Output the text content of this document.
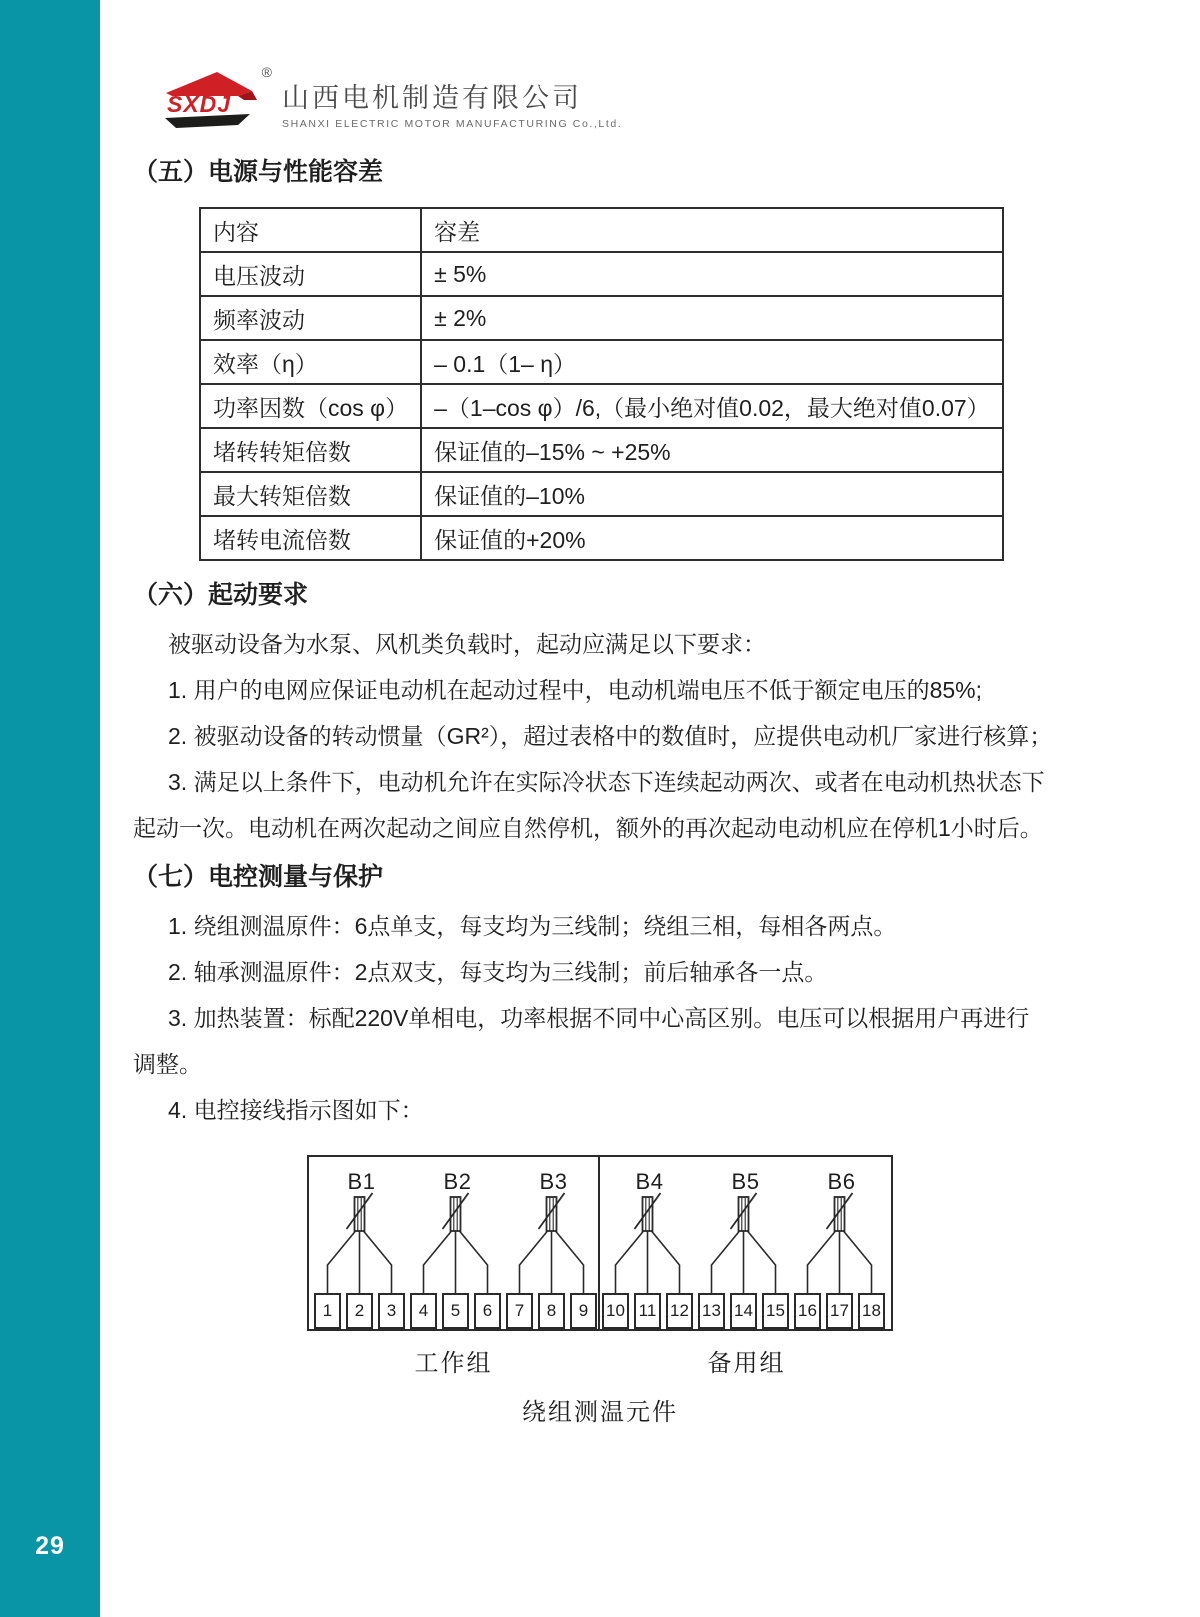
29
SXDJ
®
山西电机制造有限公司
SHANXI ELECTRIC MOTOR MANUFACTURING Co.,Ltd.
（五）电源与性能容差
内容	容差
电压波动	± 5%
频率波动	± 2%
效率（η）	– 0.1（1– η）
功率因数（cos φ）	–（1–cos φ）/6,（最小绝对值0.02，最大绝对值0.07）
堵转转矩倍数	保证值的–15% ~ +25%
最大转矩倍数	保证值的–10%
堵转电流倍数	保证值的+20%
（六）起动要求

被驱动设备为水泵、风机类负载时，起动应满足以下要求：

1. 用户的电网应保证电动机在起动过程中，电动机端电压不低于额定电压的85%;

2. 被驱动设备的转动惯量（GR²），超过表格中的数值时，应提供电动机厂家进行核算；

3. 满足以上条件下，电动机允许在实际冷状态下连续起动两次、或者在电动机热状态下

起动一次。电动机在两次起动之间应自然停机，额外的再次起动电动机应在停机1小时后。

（七）电控测量与保护

1. 绕组测温原件：6点单支，每支均为三线制；绕组三相，每相各两点。

2. 轴承测温原件：2点双支，每支均为三线制；前后轴承各一点。

3. 加热装置：标配220V单相电，功率根据不同中心高区别。电压可以根据用户再进行

调整。

4. 电控接线指示图如下：

B1	B2	B3	B4	B5	B6
1	2	3	4	5	6	7	8	9	10 11 12 13 14 15 16 17 18
工作组	备用组
绕组测温元件
